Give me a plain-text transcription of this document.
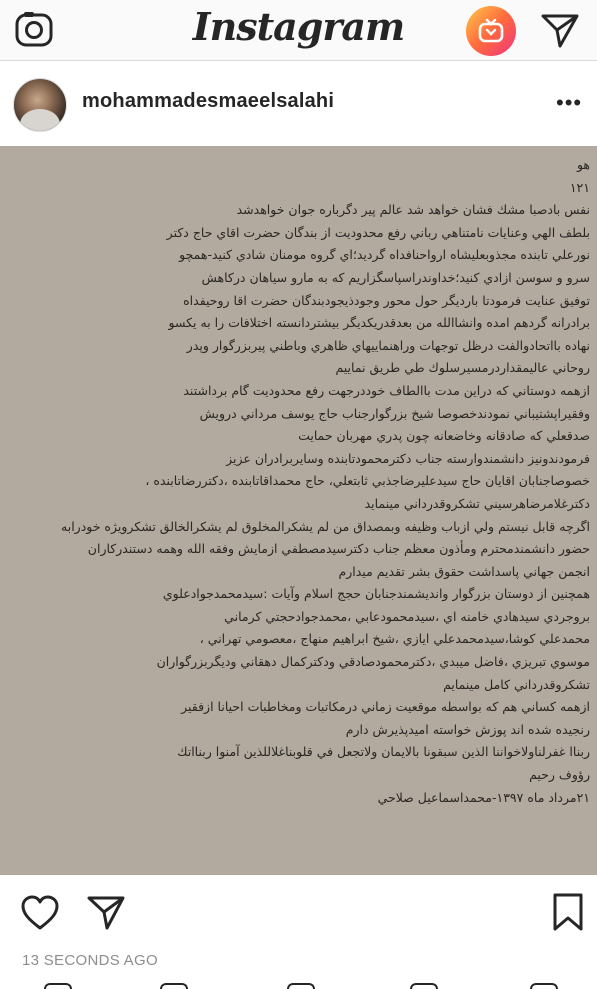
Instagram
mohammadesmaeelsalahi	•••
هو
۱۲۱
نفس بادصبا مشك فشان خواهد شد عالم پير دگرباره جوان خواهدشد
بلطف الهي وعنايات نامتناهي رباني رفع محدوديت از بندگان حضرت اقاي حاج دكتر
نورعلي تابنده مجذوبعليشاه ارواحنافداه گرديد؛اي گروه مومنان شادي كنيد-همچو
سرو و سوسن ازادي كنيد؛خداوندراسپاسگزاريم كه به مارو سياهان دركاهش
توفيق عنايت فرمودتا باردیگر حول محور وجودذیجودبندگان حضرت اقا روحیفداه
برادرانه گردهم امده وانشاالله من بعدقدریکدیگر بیشتردانسته اختلافات را به یکسو
نهاده بااتحادوالفت درظل توجهات وراهنماییهاي ظاهري وباطني پیربزرگوار وپدر
روحاني عالیمقداردرمسیرسلوك طي طریق نمايیم
ازهمه دوستاني كه دراين مدت باالطاف خوددرجهت رفع محدوديت گام برداشتند
وفقيراپشتيباني نمودندخصوصا شيخ بزرگوارجناب حاج يوسف مرداني درويش
صدقعلي كه صادقانه وخاضعانه چون پدري مهربان حمايت
فرمودندونيز دانشمندوارسته جناب دكترمحمودتابنده وسايربرادران عزيز
خصوصاجنابان اقايان حاج سيدعليرضاجذبي ثابتعلي، حاج محمداقاتابنده ،دكتررضاتابنده ،
دكترغلامرضاهرسيني تشكروقدرداني مينمايد
اگرچه قابل نيستم ولي ازباب وظيفه وبمصداق من لم يشكرالمخلوق لم يشكرالخالق تشكرويژه خودرابه
حضور دانشمندمحترم ومأذون معظم جناب دكترسيدمصطفي ازمايش وفقه الله وهمه دستندركاران
انجمن جهاني پاسداشت حقوق بشر تقديم ميدارم
همچنين از دوستان بزرگوار وانديشمندجنابان حجج اسلام وآيات :سيدمحمدجوادعلوي
بروجردي سيدهادي خامنه اي ،سيدمحمودعابي ،محمدجوادحجتي كرماني
محمدعلي كوشا،سيدمحمدعلي ايازي ،شيخ ابراهيم منهاج ،معصومي تهراني ،
موسوي تبريزي ،فاضل ميبدي ،دكترمحمودصادقي ودكتركمال دهقاني وديگربزرگواران
تشكروقدرداني كامل مينمايم
ازهمه كساني هم كه بواسطه موقعيت زماني درمكاتبات ومخاطبات احيانا ازفقير
رنجيده شده اند پوزش خواسته اميدپذيرش دارم
ربناا غفرلناولاخواننا الذين سبقونا بالايمان ولاتجعل في قلوبناغلاللذين آمنوا ربنااتك
رؤوف رحيم
۲۱مرداد ماه ۱۳۹۷-محمداسماعيل صلاحي
13 SECONDS AGO
